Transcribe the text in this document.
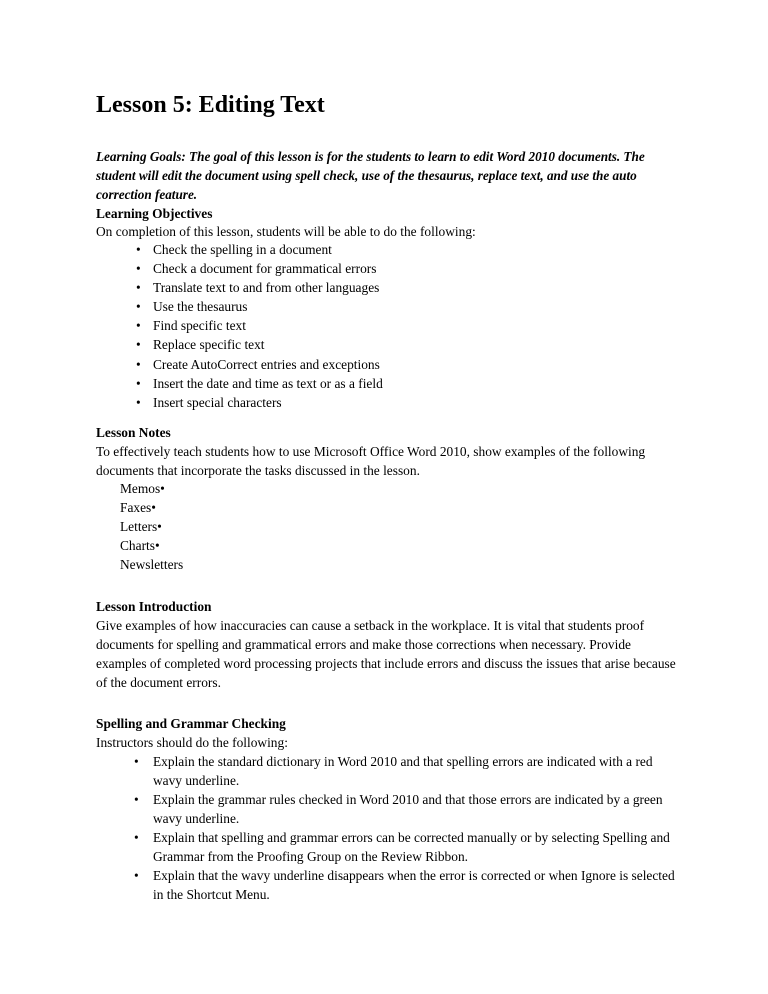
Lesson 5: Editing Text

Learning Goals: The goal of this lesson is for the students to learn to edit Word 2010 documents. The student will edit the document using spell check, use of the thesaurus, replace text, and use the auto correction feature.

Learning Objectives

On completion of this lesson, students will be able to do the following:

• Check the spelling in a document
• Check a document for grammatical errors
• Translate text to and from other languages
• Use the thesaurus
• Find specific text
• Replace specific text
• Create AutoCorrect entries and exceptions
• Insert the date and time as text or as a field
• Insert special characters

Lesson Notes

To effectively teach students how to use Microsoft Office Word 2010, show examples of the following documents that incorporate the tasks discussed in the lesson.

Memos•
Faxes•
Letters•
Charts•
Newsletters

Lesson Introduction

Give examples of how inaccuracies can cause a setback in the workplace. It is vital that students proof documents for spelling and grammatical errors and make those corrections when necessary. Provide examples of completed word processing projects that include errors and discuss the issues that arise because of the document errors.

Spelling and Grammar Checking

Instructors should do the following:

• Explain the standard dictionary in Word 2010 and that spelling errors are indicated with a red wavy underline.
• Explain the grammar rules checked in Word 2010 and that those errors are indicated by a green wavy underline.
• Explain that spelling and grammar errors can be corrected manually or by selecting Spelling and Grammar from the Proofing Group on the Review Ribbon.
• Explain that the wavy underline disappears when the error is corrected or when Ignore is selected in the Shortcut Menu.
